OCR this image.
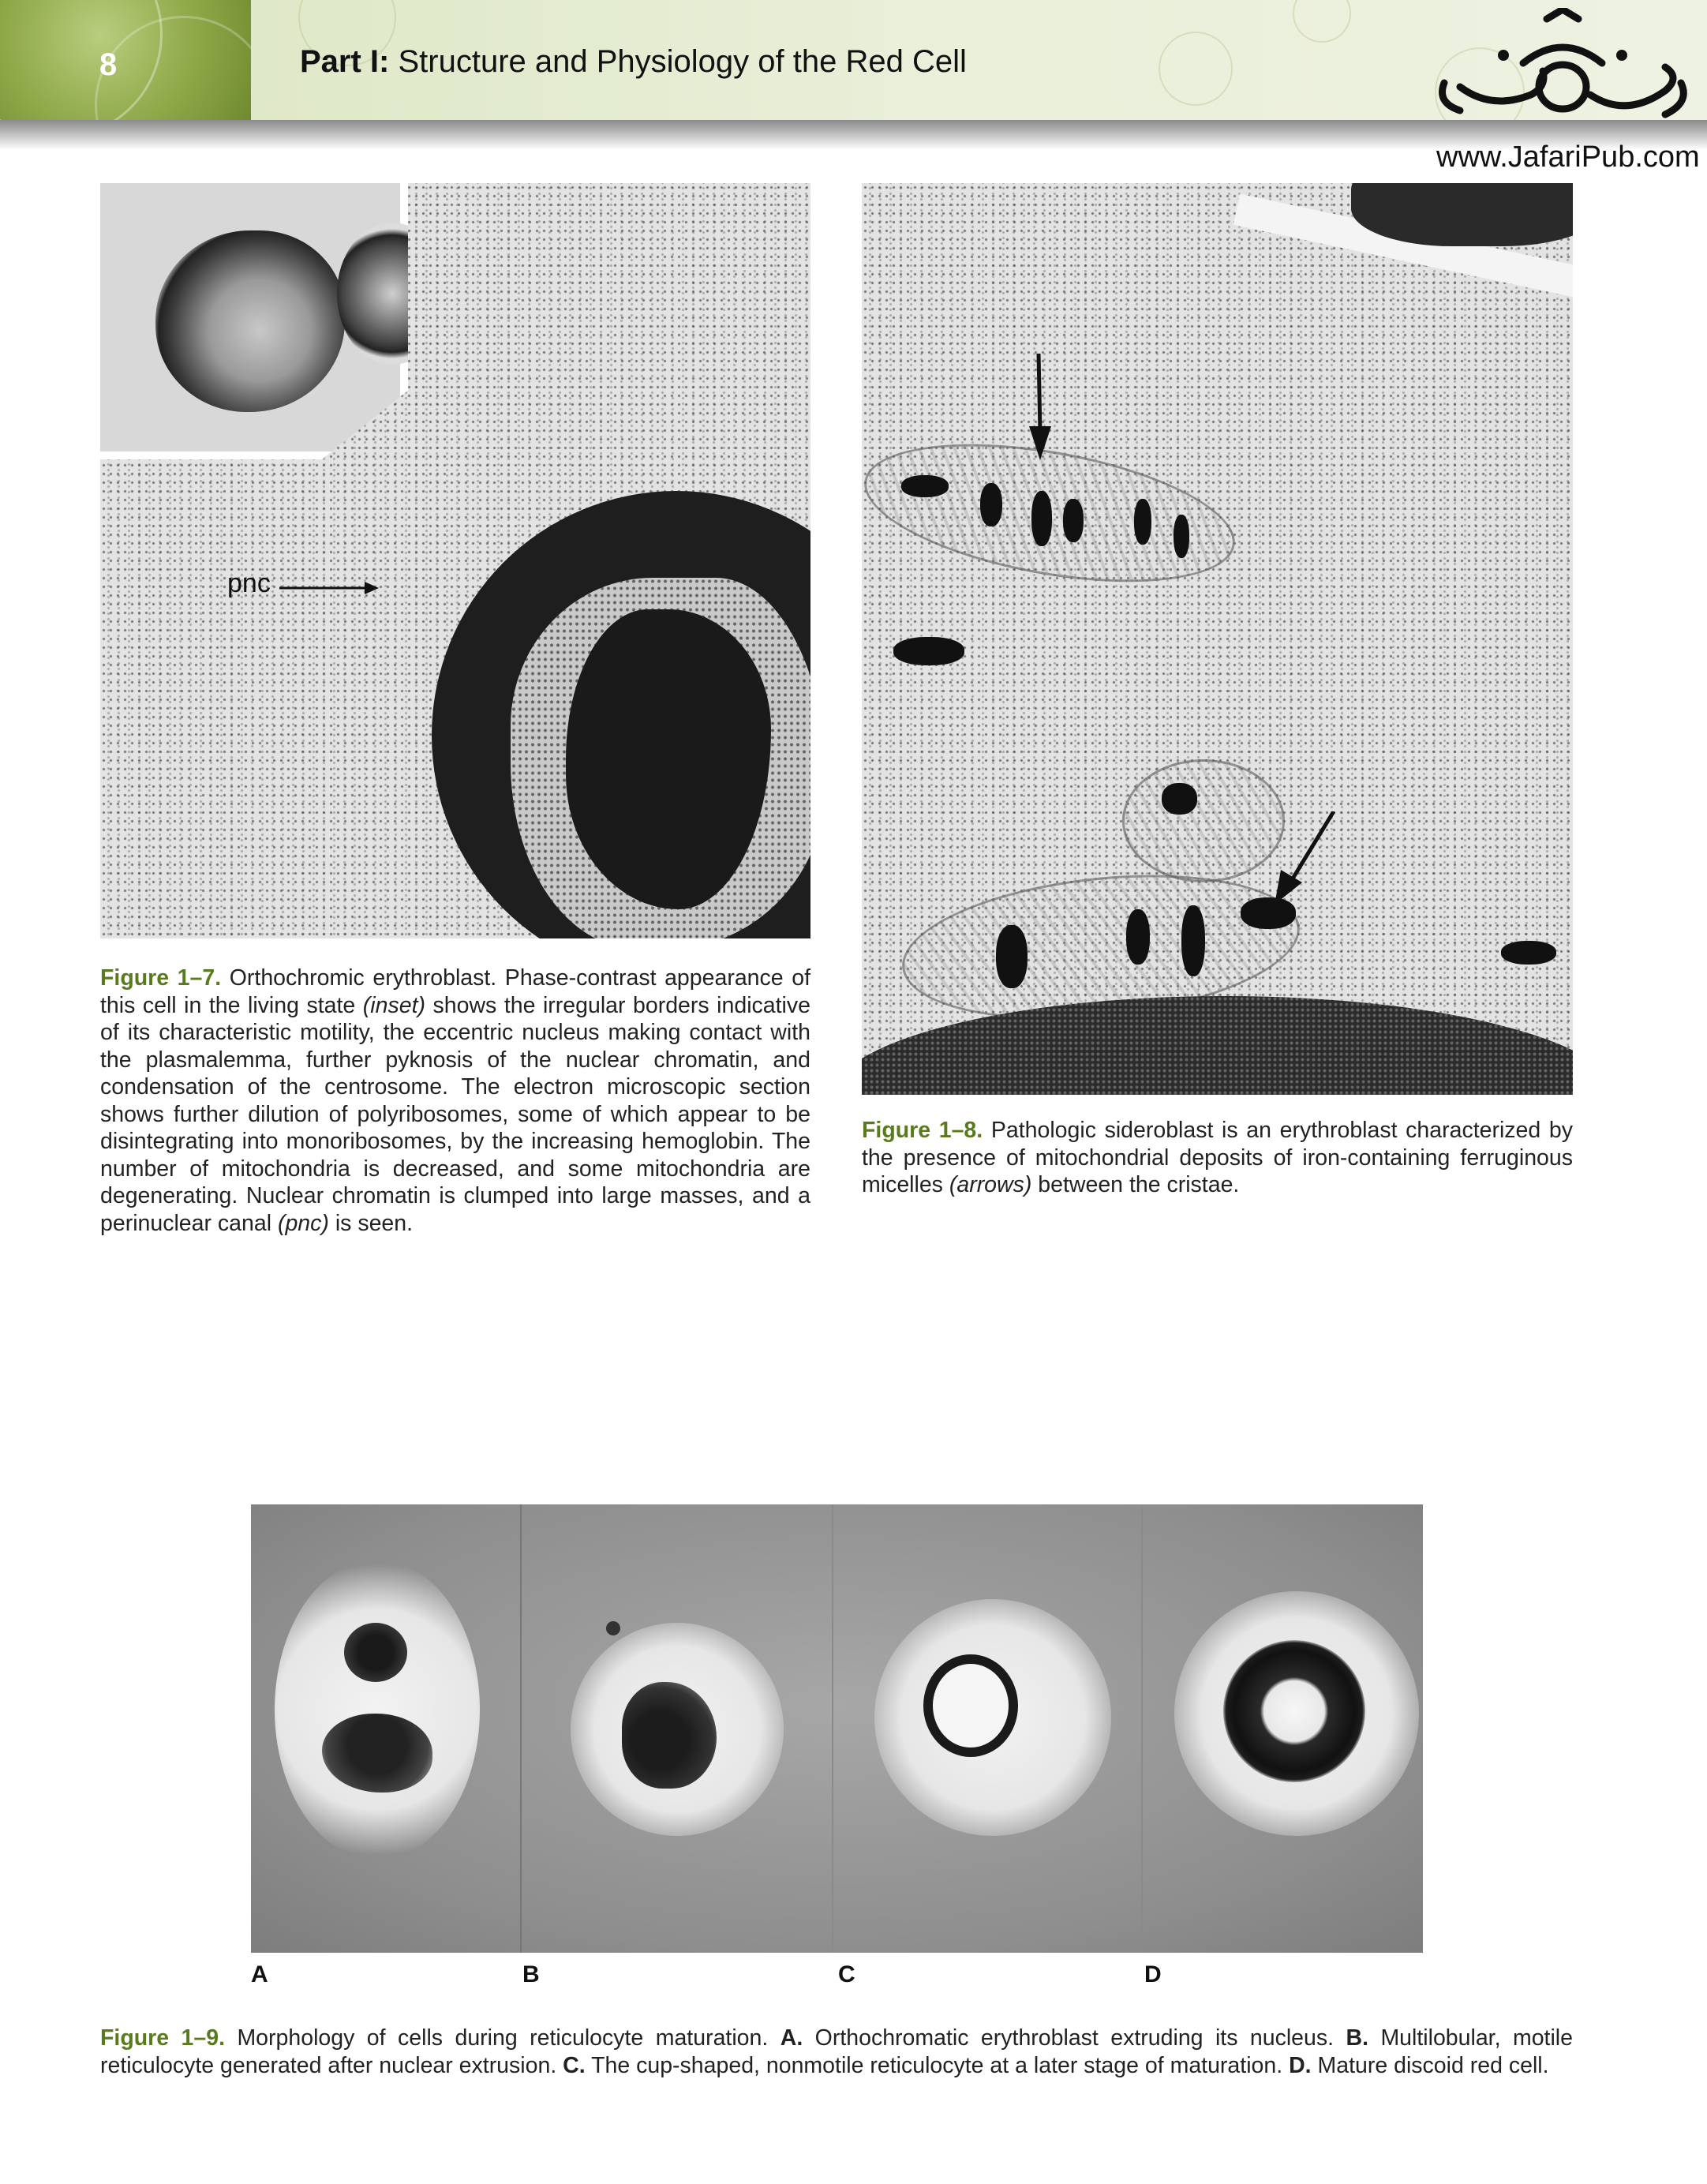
8	Part I: Structure and Physiology of the Red Cell
www.JafariPub.com
pnc
Figure 1–7. Orthochromic erythroblast. Phase-contrast appearance of this cell in the living state (inset) shows the irregular borders indicative of its characteristic motility, the eccentric nucleus making contact with the plasmalemma, further pyknosis of the nuclear chromatin, and condensation of the centrosome. The electron microscopic section shows further dilution of polyribosomes, some of which appear to be disintegrating into monoribosomes, by the increasing hemoglobin. The number of mitochondria is decreased, and some mitochondria are degenerating. Nuclear chromatin is clumped into large masses, and a perinuclear canal (pnc) is seen.
Figure 1–8. Pathologic sideroblast is an erythroblast characterized by the presence of mitochondrial deposits of iron-containing ferruginous micelles (arrows) between the cristae.
A	B	C	D
Figure 1–9. Morphology of cells during reticulocyte maturation. A. Orthochromatic erythroblast extruding its nucleus. B. Multilobular, motile reticulocyte generated after nuclear extrusion. C. The cup-shaped, nonmotile reticulocyte at a later stage of maturation. D. Mature discoid red cell.
